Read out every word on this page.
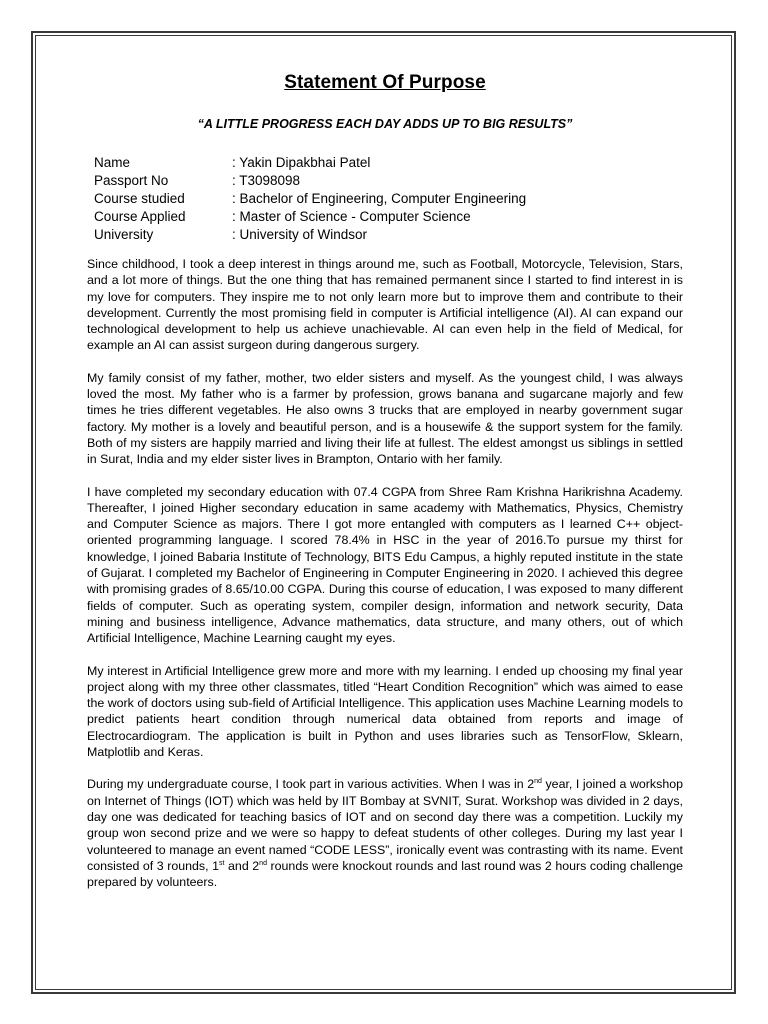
Statement Of Purpose

“A LITTLE PROGRESS EACH DAY ADDS UP TO BIG RESULTS”

Name	: Yakin Dipakbhai Patel
Passport No	: T3098098
Course studied	: Bachelor of Engineering, Computer Engineering
Course Applied	: Master of Science - Computer Science
University	: University of Windsor

Since childhood, I took a deep interest in things around me, such as Football, Motorcycle, Television, Stars, and a lot more of things. But the one thing that has remained permanent since I started to find interest in is my love for computers. They inspire me to not only learn more but to improve them and contribute to their development. Currently the most promising field in computer is Artificial intelligence (AI). AI can expand our technological development to help us achieve unachievable. AI can even help in the field of Medical, for example an AI can assist surgeon during dangerous surgery.

My family consist of my father, mother, two elder sisters and myself. As the youngest child, I was always loved the most. My father who is a farmer by profession, grows banana and sugarcane majorly and few times he tries different vegetables. He also owns 3 trucks that are employed in nearby government sugar factory. My mother is a lovely and beautiful person, and is a housewife & the support system for the family. Both of my sisters are happily married and living their life at fullest. The eldest amongst us siblings in settled in Surat, India and my elder sister lives in Brampton, Ontario with her family.

I have completed my secondary education with 07.4 CGPA from Shree Ram Krishna Harikrishna Academy. Thereafter, I joined Higher secondary education in same academy with Mathematics, Physics, Chemistry and Computer Science as majors. There I got more entangled with computers as I learned C++ object-oriented programming language. I scored 78.4% in HSC in the year of 2016.To pursue my thirst for knowledge, I joined Babaria Institute of Technology, BITS Edu Campus, a highly reputed institute in the state of Gujarat. I completed my Bachelor of Engineering in Computer Engineering in 2020. I achieved this degree with promising grades of 8.65/10.00 CGPA. During this course of education, I was exposed to many different fields of computer. Such as operating system, compiler design, information and network security, Data mining and business intelligence, Advance mathematics, data structure, and many others, out of which Artificial Intelligence, Machine Learning caught my eyes.

My interest in Artificial Intelligence grew more and more with my learning. I ended up choosing my final year project along with my three other classmates, titled “Heart Condition Recognition” which was aimed to ease the work of doctors using sub-field of Artificial Intelligence. This application uses Machine Learning models to predict patients heart condition through numerical data obtained from reports and image of Electrocardiogram. The application is built in Python and uses libraries such as TensorFlow, Sklearn, Matplotlib and Keras.

During my undergraduate course, I took part in various activities. When I was in 2nd year, I joined a workshop on Internet of Things (IOT) which was held by IIT Bombay at SVNIT, Surat. Workshop was divided in 2 days, day one was dedicated for teaching basics of IOT and on second day there was a competition. Luckily my group won second prize and we were so happy to defeat students of other colleges. During my last year I volunteered to manage an event named “CODE LESS”, ironically event was contrasting with its name. Event consisted of 3 rounds, 1st and 2nd rounds were knockout rounds and last round was 2 hours coding challenge prepared by volunteers.
